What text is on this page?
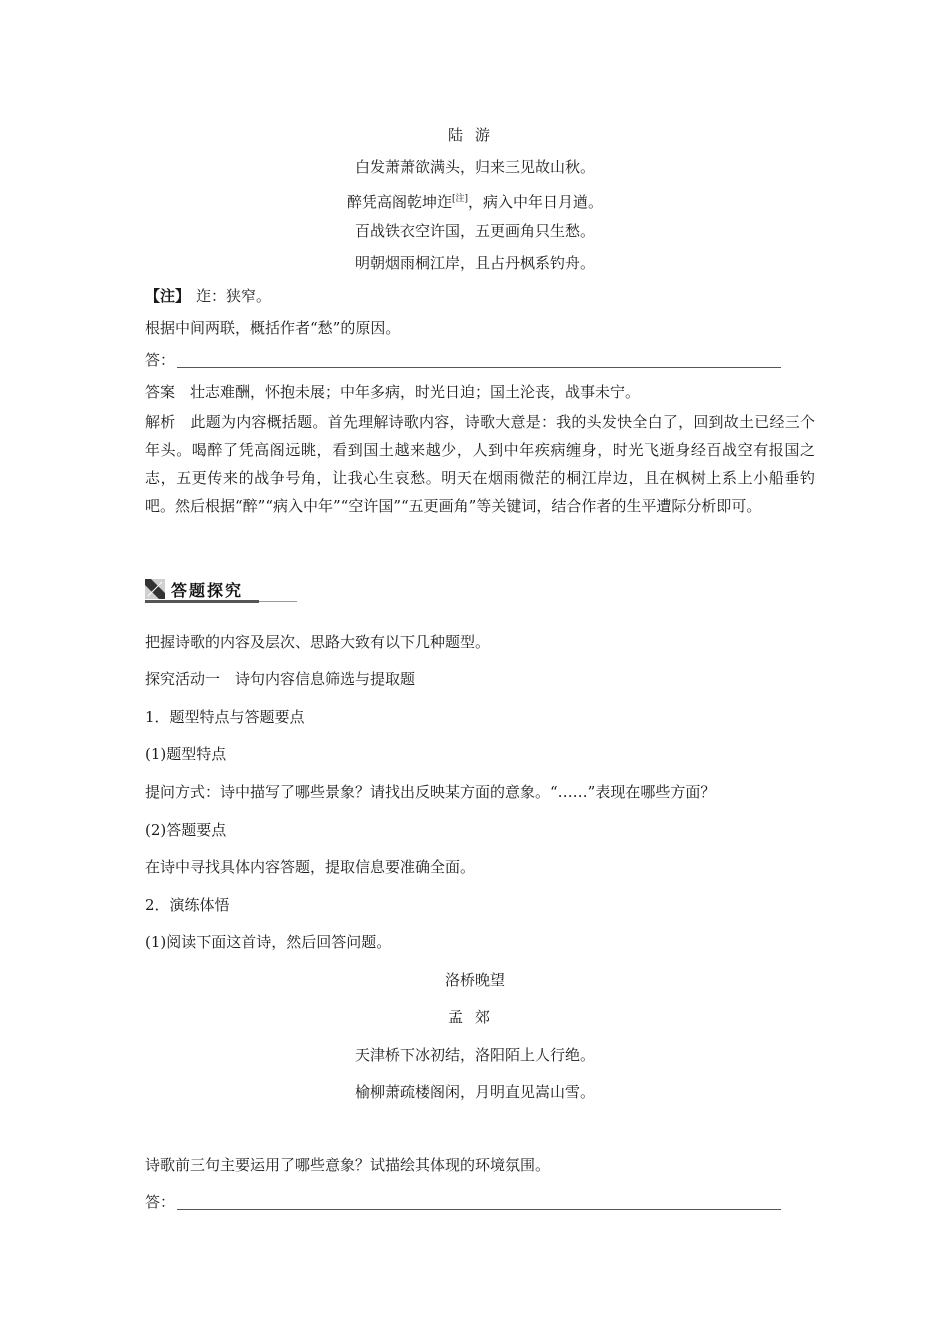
陆游
白发萧萧欲满头，归来三见故山秋。
醉凭高阁乾坤迮[注]，病入中年日月遒。
百战铁衣空许国，五更画角只生愁。
明朝烟雨桐江岸，且占丹枫系钓舟。
【注】 迮：狭窄。
根据中间两联，概括作者“愁”的原因。
答：
答案 壮志难酬，怀抱未展；中年多病，时光日迫；国土沦丧，战事未宁。
解析 此题为内容概括题。首先理解诗歌内容，诗歌大意是：我的头发快全白了，回到故土已经三个年头。喝醉了凭高阁远眺，看到国土越来越少，人到中年疾病缠身，时光飞逝身经百战空有报国之志，五更传来的战争号角，让我心生哀愁。明天在烟雨微茫的桐江岸边，且在枫树上系上小船垂钓吧。然后根据“醉”“病入中年”“空许国”“五更画角”等关键词，结合作者的生平遭际分析即可。
答题探究
把握诗歌的内容及层次、思路大致有以下几种题型。
探究活动一　诗句内容信息筛选与提取题
1．题型特点与答题要点
(1)题型特点
提问方式：诗中描写了哪些景象？请找出反映某方面的意象。“……”表现在哪些方面？
(2)答题要点
在诗中寻找具体内容答题，提取信息要准确全面。
2．演练体悟
(1)阅读下面这首诗，然后回答问题。
洛桥晚望
孟郊
天津桥下冰初结，洛阳陌上人行绝。
榆柳萧疏楼阁闲，月明直见嵩山雪。
诗歌前三句主要运用了哪些意象？试描绘其体现的环境氛围。
答：
